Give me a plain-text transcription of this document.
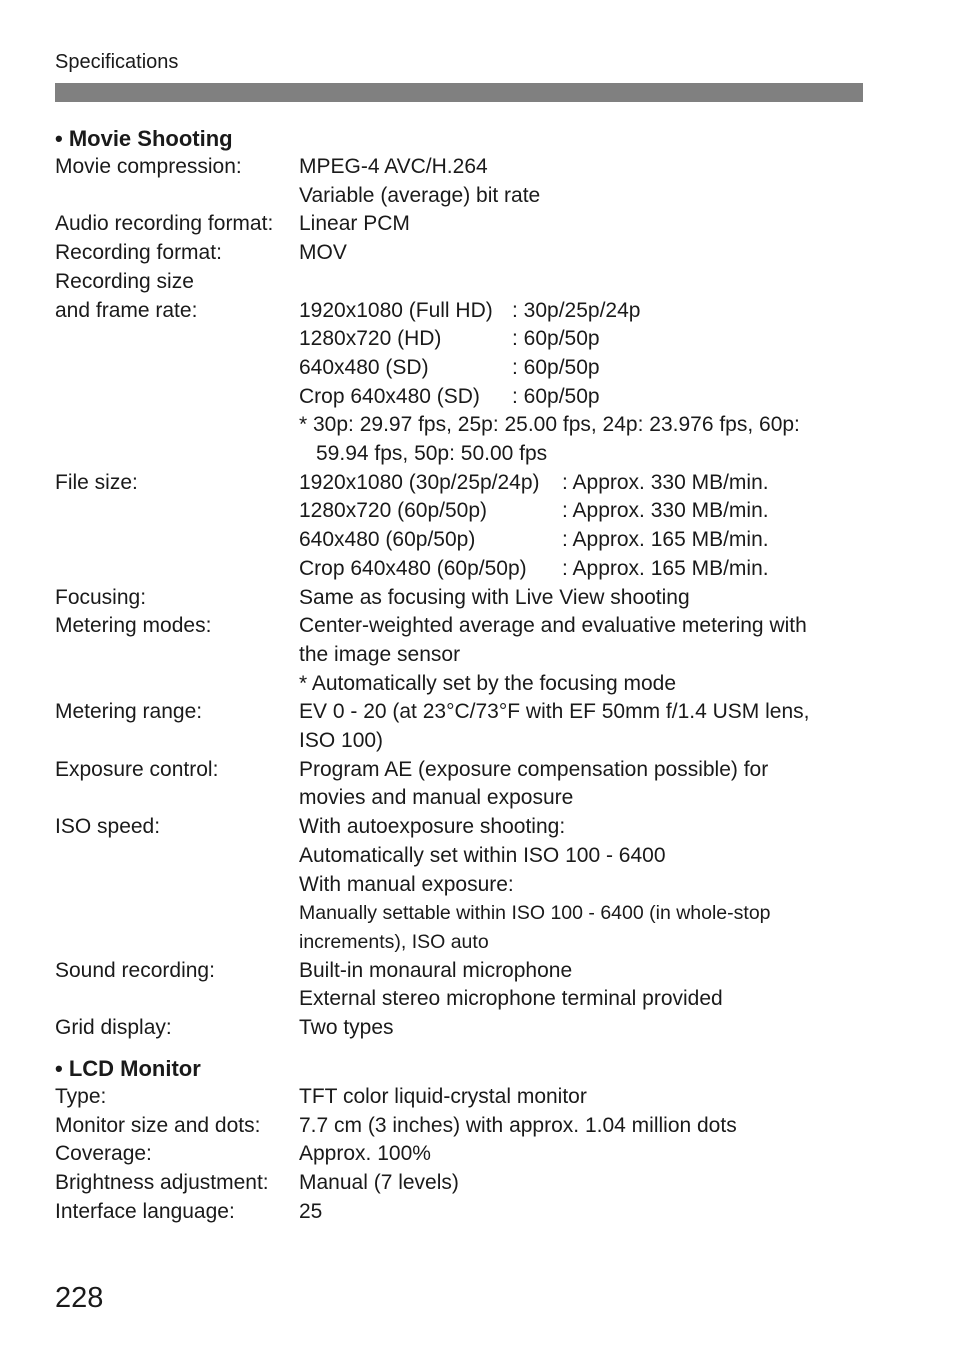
Specifications
• Movie Shooting
Movie compression:	MPEG-4 AVC/H.264
Variable (average) bit rate
Audio recording format:	Linear PCM
Recording format:	MOV
Recording size
and frame rate:
	1920x1080 (Full HD) : 30p/25p/24p
1280x720 (HD)	: 60p/50p
640x480 (SD)	: 60p/50p
Crop 640x480 (SD) : 60p/50p
* 30p: 29.97 fps, 25p: 25.00 fps, 24p: 23.976 fps, 60p:
59.94 fps, 50p: 50.00 fps
File size:	1920x1080 (30p/25p/24p) : Approx. 330 MB/min.
1280x720 (60p/50p)	: Approx. 330 MB/min.
640x480 (60p/50p)	: Approx. 165 MB/min.
Crop 640x480 (60p/50p) : Approx. 165 MB/min.
Focusing:	Same as focusing with Live View shooting
Metering modes:	Center-weighted average and evaluative metering with
the image sensor
* Automatically set by the focusing mode
Metering range:	EV 0 - 20 (at 23°C/73°F with EF 50mm f/1.4 USM lens,
ISO 100)
Exposure control:	Program AE (exposure compensation possible) for
movies and manual exposure
ISO speed:	With autoexposure shooting:
Automatically set within ISO 100 - 6400
With manual exposure:
Manually settable within ISO 100 - 6400 (in whole-stop
increments), ISO auto
Sound recording:	Built-in monaural microphone
External stereo microphone terminal provided
Grid display:	Two types
• LCD Monitor
Type:	TFT color liquid-crystal monitor
Monitor size and dots:	7.7 cm (3 inches) with approx. 1.04 million dots
Coverage:	Approx. 100%
Brightness adjustment:	Manual (7 levels)
Interface language:	25
228
